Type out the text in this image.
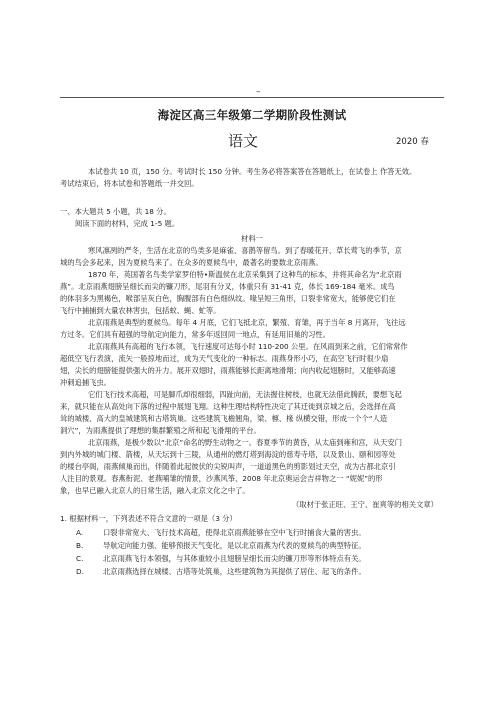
–
海淀区高三年级第二学期阶段性测试
语文	2020 春
本试卷共 10 页，150 分。考试时长 150 分钟。考生务必将答案答在答题纸上，在试卷上 作答无效。
考试结束后，将本试卷和答题纸一并交回。
一、本大题共 5 小题，共 18 分。
阅读下面的材料，完成 1-5 题。
材料一
寒风凛冽的严冬，生活在北京的鸟类多是麻雀、喜鹊等留鸟。到了春暖花开、草长莺飞的季节，京
城的鸟会多起来，因为夏候鸟来了。在众多的夏候鸟中，最著名的要数北京雨燕。
1870 年，英国著名鸟类学家罗伯特•斯温侯在北京采集到了这种鸟的标本，并将其命名为“北京雨
燕”。北京雨燕翅膀呈细长而尖的镰刀形，尾羽有分叉，体重只有 31-41 克，体长 169-184 毫米。成鸟
的体羽多为黑褐色，喉部呈灰白色，胸腹部有白色细纵纹。喙呈短三角形，口裂非常宽大，能够使它们在
飞行中捕捕到大量农林害虫，包括蚊、蝇、虻等。
北京雨燕是典型的夏候鸟。每年 4 月底，它们飞抵北京，繁殖、育雏，再于当年 8 月离开，飞往远
方过冬。它们具有超强的导航定向能力，常多年返回同一地点，有延用旧巢的习性。
北京雨燕具有高超的飞行本领，飞行速度可达每小时 110-200 公里。在风雨到来之前，它们常常作
超低空飞行表演，流矢一般掠地而过，成为天气变化的一种标志。雨燕身形小巧，在高空飞行时很少扇
翅，尖长的翅膀能提供强大的升力。展开双翅时，雨燕能够长距离地滑翔；向内收起翅膀时，又能够高速
冲刺追捕飞虫。
它们飞行技术高超，可是脚爪却很细弱，四趾向前，无法握住树枝，也就无法借此腾跃，要想飞起
来，就只能在从高处向下落的过程中展翅飞翔。这种生理结构特性决定了其迁徙到京城之后，会选择在高
耸的城楼、高大的皇城建筑和古塔筑巢。这些建筑飞檐翘角，梁、檩、椽 纵横交错，形成一个个“人造
洞穴”，为雨燕提供了理想的集群繁殖之所和起飞滑翔的平台。
北京雨燕，是极少数以“北京”命名的野生动物之一。春夏季节的黄昏，从太庙到雍和宫，从天安门
到内外城的城门楼、箭楼，从天坛到十三陵，从通州的燃灯塔到海淀的慈寿寺塔，以及景山、颐和园等处
的楼台亭阁，雨燕倾巢而出，伴随着此起彼伏的尖锐叫声，一道道黑色的剪影划过天空，成为古都北京引
人注目的景观。春燕衔泥、老燕哺雏的情景，沙燕风筝、2008 年北京奥运会吉祥物之一 “妮妮”的形
象，也早已融入北京人的日常生活，融入北京文化之中了。
（取材于张正旺、王宁、崔爽等的相关文章）
1. 根据材料一，下列表述不符合文意的一项是（3 分）
A.	口裂非常宽大、飞行技术高超，使得北京雨燕能够在空中飞行时捕食大量的害虫。
B.	导航定向能力强、能够预报天气变化，是以北京雨燕为代表的夏候鸟的典型特征。
C.	北京雨燕飞行本领强，与其体重较小且翅膀呈细长而尖的镰刀形等形体特点有关。
D.	北京雨燕选择在城楼、古塔等处筑巢，这些建筑物为其提供了居住、起飞的条件。
